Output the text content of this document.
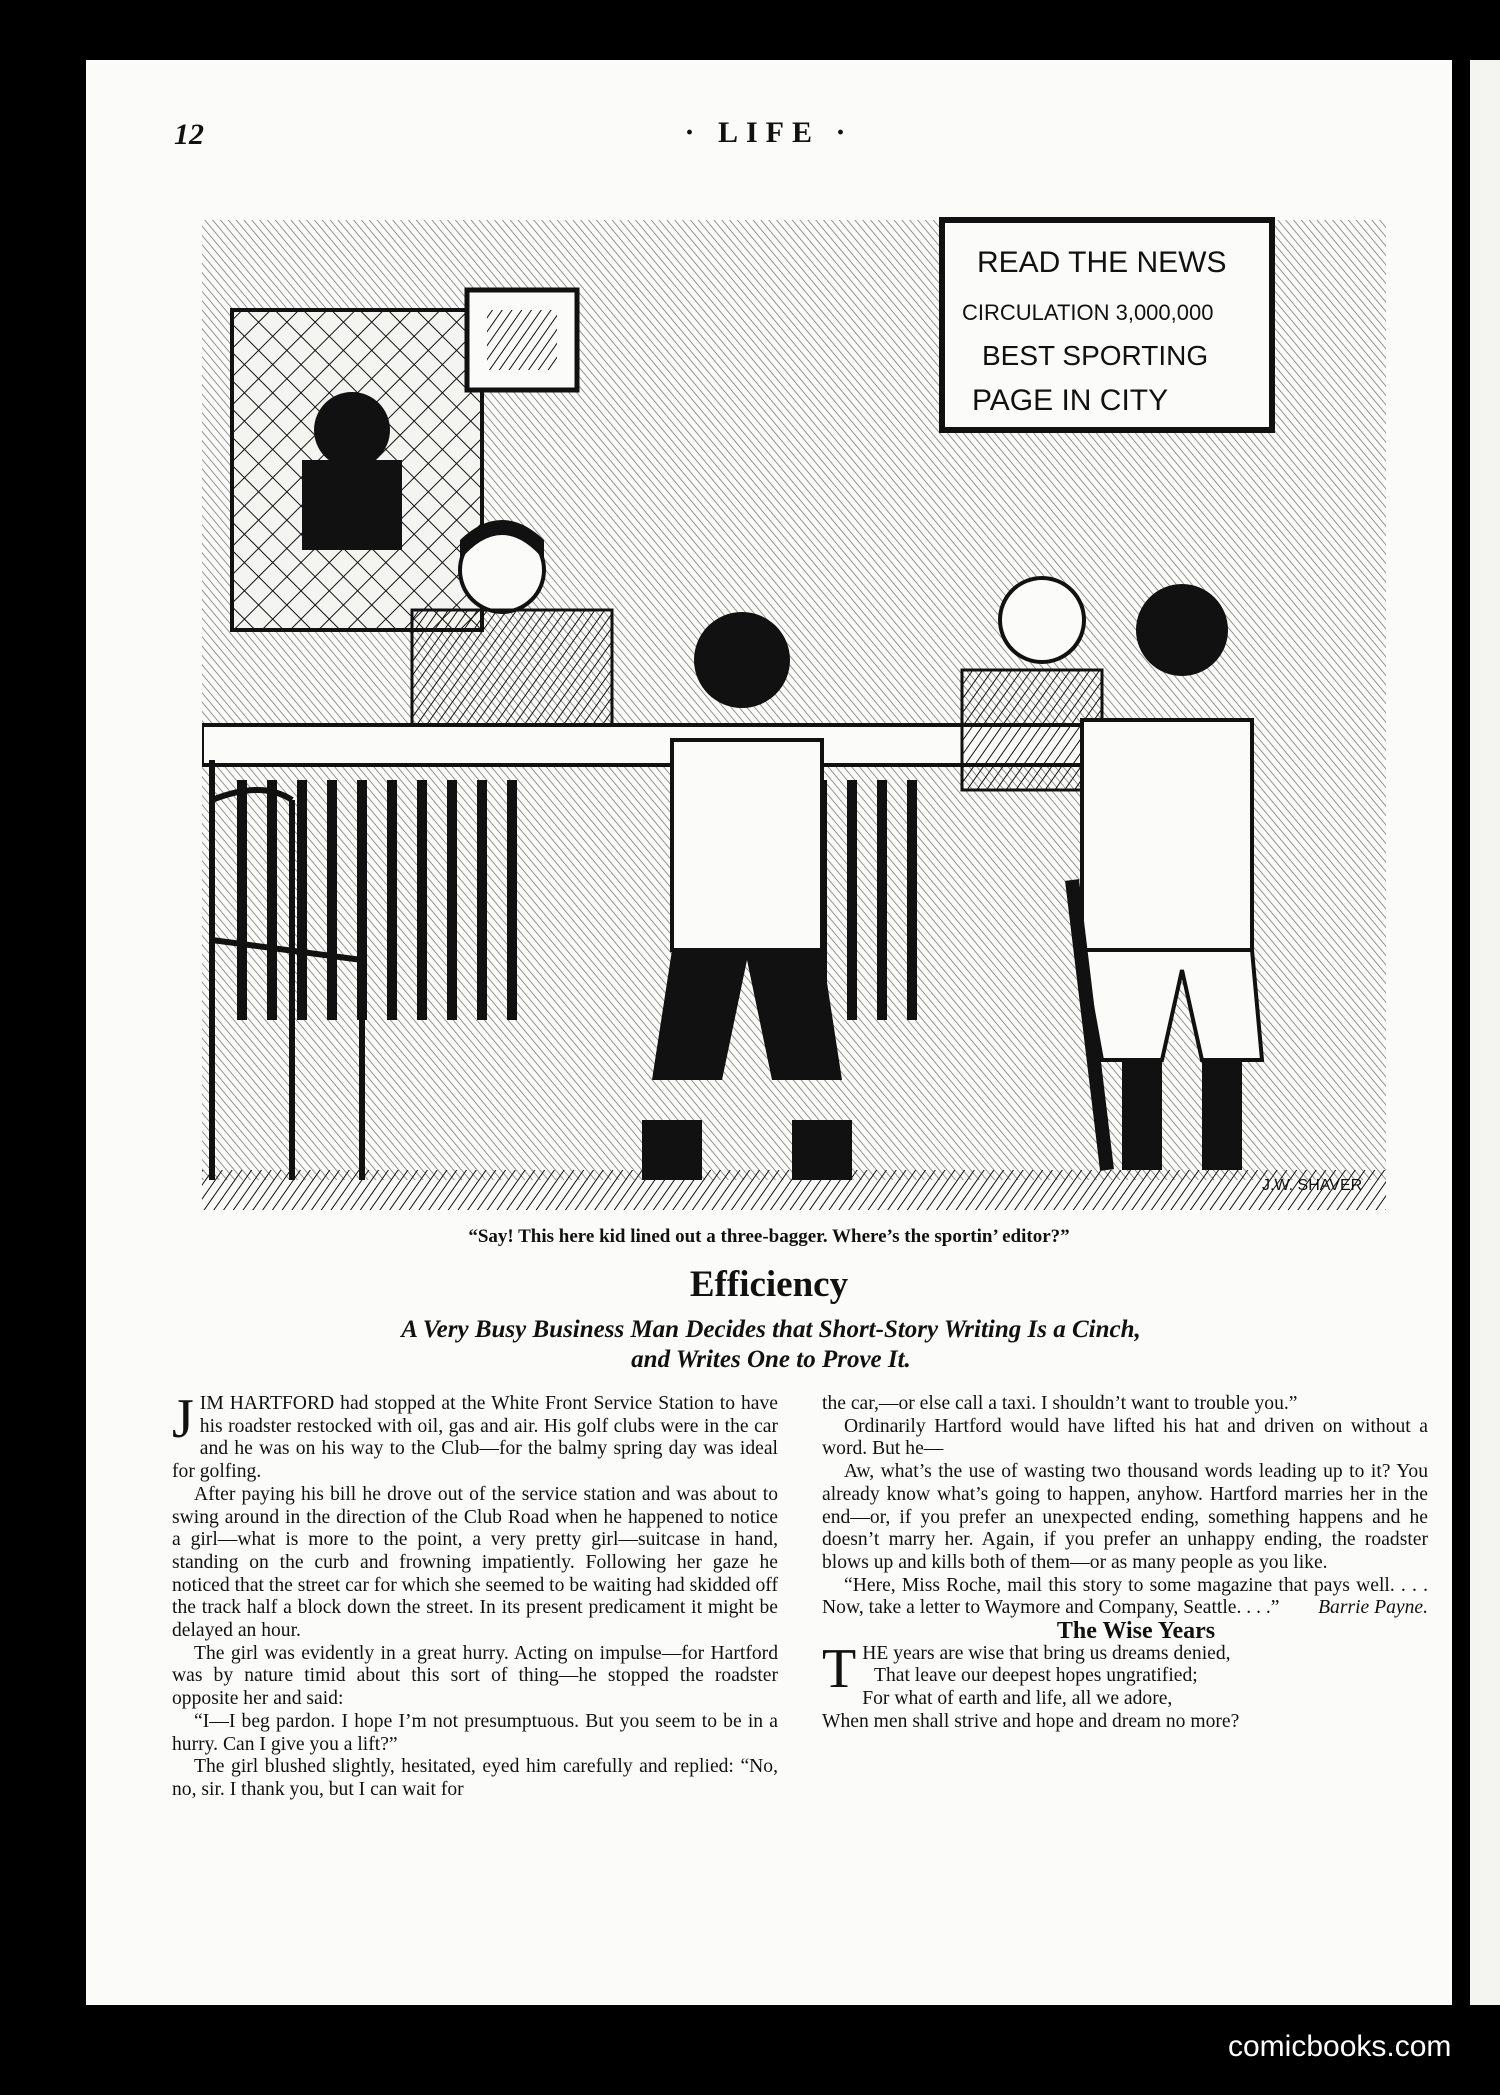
12	· LIFE ·
READ THE NEWS
CIRCULATION 3,000,000
BEST SPORTING
PAGE IN CITY
J.W. SHAVER
“Say! This here kid lined out a three-bagger. Where’s the sportin’ editor?”
Efficiency
A Very Busy Business Man Decides that Short-Story Writing Is a Cinch,
and Writes One to Prove It.

JIM HARTFORD had stopped at the White Front Service Station to have his roadster restocked with oil, gas and air. His golf clubs were in the car and he was on his way to the Club—for the balmy spring day was ideal for golfing.

After paying his bill he drove out of the service station and was about to swing around in the direction of the Club Road when he happened to notice a girl—what is more to the point, a very pretty girl—suitcase in hand, standing on the curb and frowning impatiently. Following her gaze he noticed that the street car for which she seemed to be waiting had skidded off the track half a block down the street. In its present predicament it might be delayed an hour.

The girl was evidently in a great hurry. Acting on impulse—for Hartford was by nature timid about this sort of thing—he stopped the roadster opposite her and said:

“I—I beg pardon. I hope I’m not presumptuous. But you seem to be in a hurry. Can I give you a lift?”

The girl blushed slightly, hesitated, eyed him carefully and replied: “No, no, sir. I thank you, but I can wait for

the car,—or else call a taxi. I shouldn’t want to trouble you.”

Ordinarily Hartford would have lifted his hat and driven on without a word. But he—

Aw, what’s the use of wasting two thousand words leading up to it? You already know what’s going to happen, anyhow. Hartford marries her in the end—or, if you prefer an unexpected ending, something happens and he doesn’t marry her. Again, if you prefer an unhappy ending, the roadster blows up and kills both of them—or as many people as you like.

“Here, Miss Roche, mail this story to some magazine that pays well. . . . Now, take a letter to Waymore and Company, Seattle. . . .”	Barrie Payne.

The Wise Years

THE years are wise that bring us dreams denied,
That leave our deepest hopes ungratified;
For what of earth and life, all we adore,
When men shall strive and hope and dream no more?
comicbooks.com
